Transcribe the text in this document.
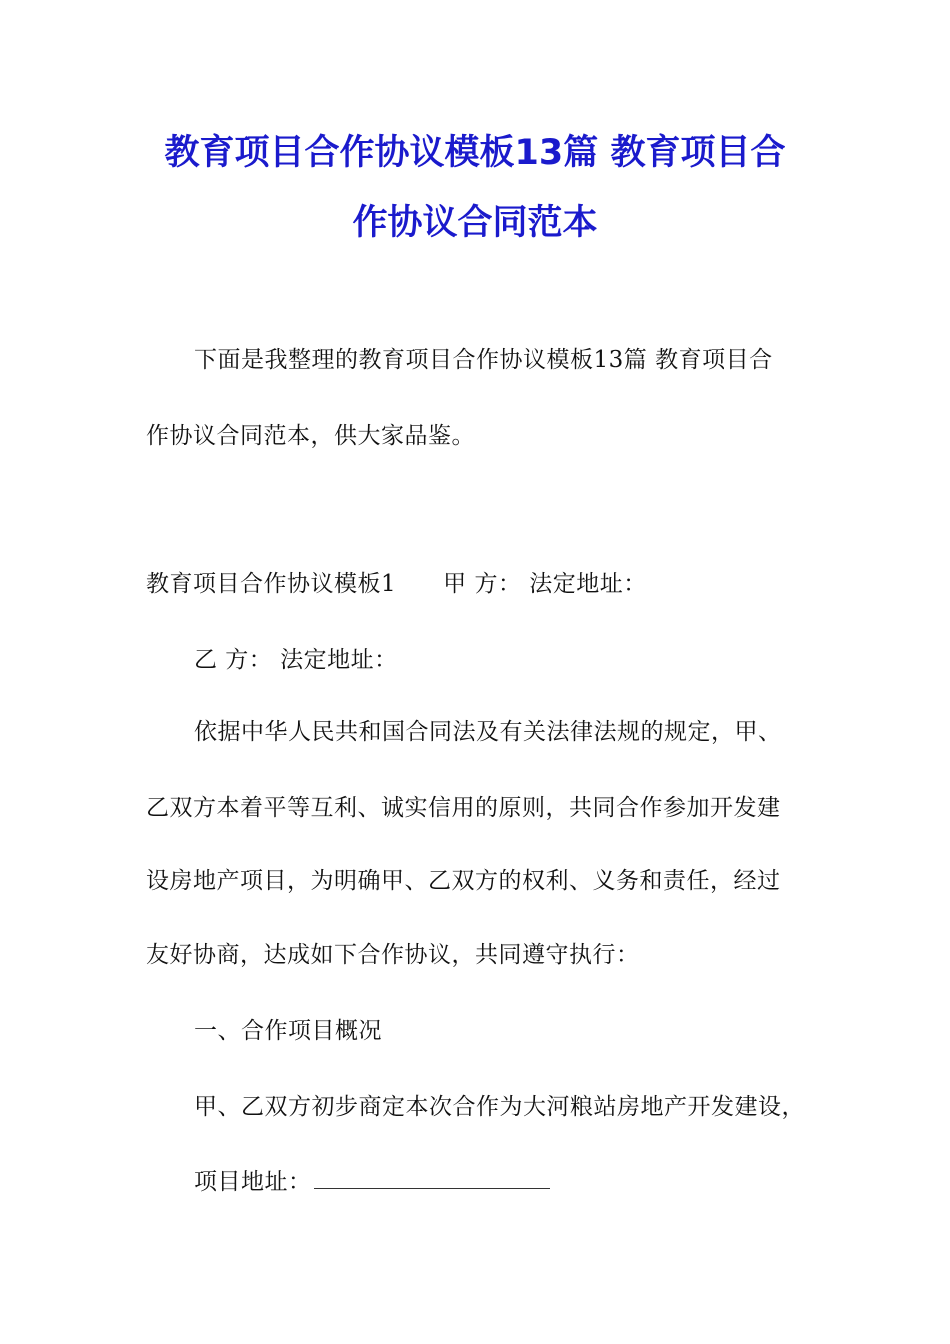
教育项目合作协议模板13篇 教育项目合
作协议合同范本
下面是我整理的教育项目合作协议模板13篇 教育项目合
作协议合同范本，供大家品鉴。
教育项目合作协议模板1　　甲 方： 法定地址：
乙 方： 法定地址：
依据中华人民共和国合同法及有关法律法规的规定，甲、
乙双方本着平等互利、诚实信用的原则，共同合作参加开发建
设房地产项目，为明确甲、乙双方的权利、义务和责任，经过
友好协商，达成如下合作协议，共同遵守执行：
一、合作项目概况
甲、乙双方初步商定本次合作为大河粮站房地产开发建设，
项目地址：
